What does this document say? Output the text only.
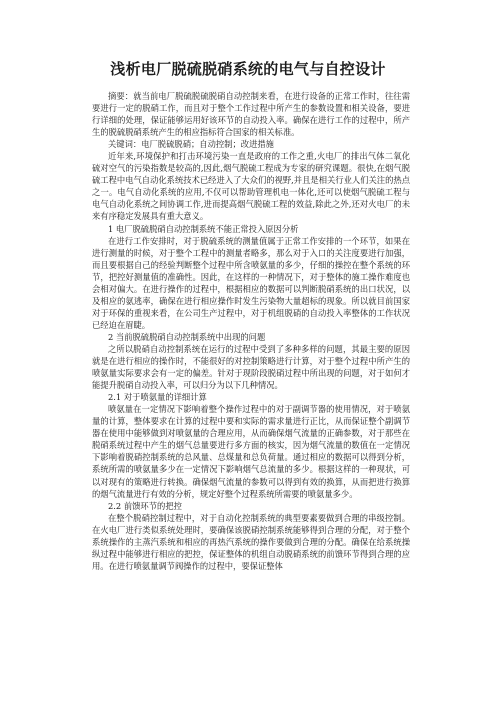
浅析电厂脱硫脱硝系统的电气与自控设计

摘要：就当前电厂脱硫脱硫脱硝自动控制来看，在进行设备的正常工作时，往往需要进行一定的脱硝工作，而且对于整个工作过程中所产生的参数设置和相关设备，要进行详细的处理，保证能够运用好该环节的自动投入率。确保在进行工作的过程中，所产生的脱硫脱硝系统产生的相应指标符合国家的相关标准。

关键词：电厂脱硫脱硝；自动控制；改进措施

近年来,环境保护和打击环境污染一直是政府的工作之重,火电厂的排出气体二氧化硫对空气的污染指数是较高的,因此,烟气脱硫工程成为专家的研究课题。很快,在烟气脱硫工程中电气自动化系统技术已经进入了大众们的视野,并且是相关行业人们关注的热点之一。电气自动化系统的应用,不仅可以帮助管理机电一体化,还可以使烟气脱硫工程与电气自动化系统之间协调工作,进而提高烟气脱硫工程的效益,除此之外,还对火电厂的未来有序稳定发展具有重大意义。

1 电厂脱硫脱硝自动控制系统不能正常投入原因分析

在进行工作安排时，对于脱硫系统的测量值属于正常工作安排的一个环节，如果在进行测量的时候，对于整个工程中的测量者略多，那么对于入口的关注度要进行加强，而且要根据自己的经验判断整个过程中所含喷氨量的多少，仔细的操控在整个系统的环节，把控好测量值的准确性。因此，在这样的一种情况下，对于整体的施工操作难度也会相对偏大。在进行操作的过程中，根据相应的数据可以判断脱硝系统的出口状况，以及相应的氨逃率，确保在进行相应操作时发生污染物大量超标的现象。所以就目前国家对于环保的重视来看，在公司生产过程中，对于机组脱硝的自动投入率整体的工作状况已经迫在眉睫。

2 当前脱硫脱硝自动控制系统中出现的问题

之所以脱硝自动控制系统在运行的过程中受到了多种多样的问题，其最主要的原因就是在进行相应的操作时，不能很好的对控制策略进行计算，对于整个过程中所产生的喷氨量实际要求会有一定的偏差。针对于现阶段脱硝过程中所出现的问题，对于如何才能提升脱硝自动投入率，可以归分为以下几种情况。

2.1 对于喷氨量的详细计算

喷氨量在一定情况下影响着整个操作过程中的对于副调节器的使用情况，对于喷氨量的计算，整体要求在计算的过程中要和实际的需求量进行正比，从而保证整个副调节器在使用中能够做到对喷氨量的合理应用，从而确保烟气流量的正确参数，对于那些在脱硝系统过程中产生的烟气总量要进行多方面的核实，因为烟气流量的数值在一定情况下影响着脱硝控制系统的总风量、总煤量和总负荷量。通过相应的数据可以得到分析，系统所需的喷氨量多少在一定情况下影响烟气总流量的多少。根据这样的一种现状，可以对现有的策略进行转换。确保烟气流量的参数可以得到有效的换算，从而把进行换算的烟气流量进行有效的分析，规定好整个过程系统所需要的喷氨量多少。

2.2 前馈环节的把控

在整个脱硝控制过程中，对于自动化控制系统的典型要素要做到合理的串级控制。在火电厂进行类似系统处理时，要确保该脱硝控制系统能够得到合理的分配，对于整个系统操作的主蒸汽系统和相应的再热汽系统的操作要做到合理的分配。确保在给系统操纵过程中能够进行相应的把控，保证整体的机组自动脱硝系统的前馈环节得到合理的应用。在进行喷氨量调节阀操作的过程中，要保证整体
